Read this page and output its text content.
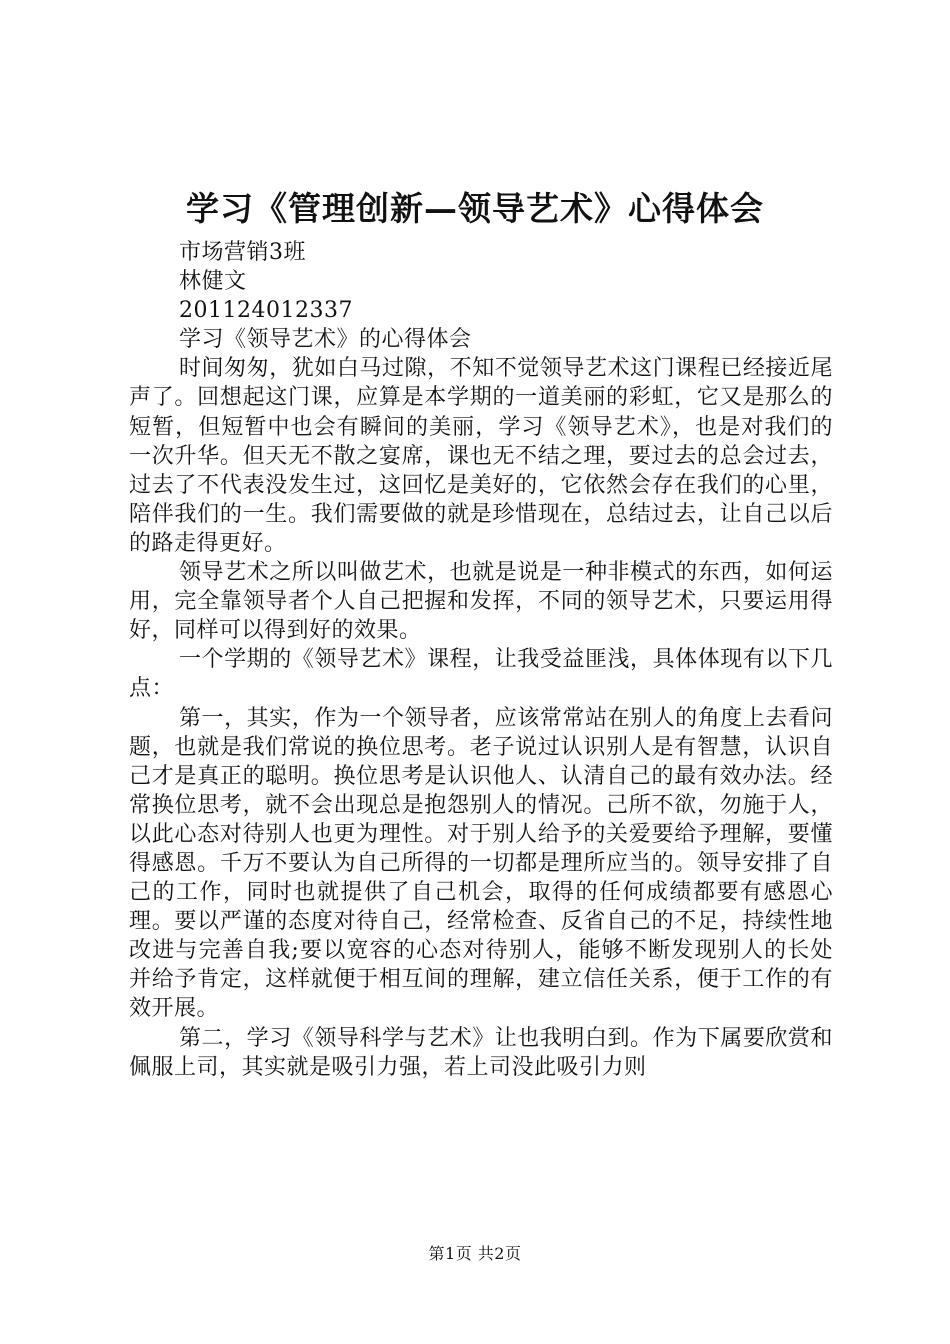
学习《管理创新—领导艺术》心得体会

市场营销3班

林健文

201124012337

学习《领导艺术》的心得体会

时间匆匆，犹如白马过隙，不知不觉领导艺术这门课程已经接近尾声了。回想起这门课，应算是本学期的一道美丽的彩虹，它又是那么的短暂，但短暂中也会有瞬间的美丽，学习《领导艺术》，也是对我们的一次升华。但天无不散之宴席，课也无不结之理，要过去的总会过去，过去了不代表没发生过，这回忆是美好的，它依然会存在我们的心里，陪伴我们的一生。我们需要做的就是珍惜现在，总结过去，让自己以后的路走得更好。

领导艺术之所以叫做艺术，也就是说是一种非模式的东西，如何运用，完全靠领导者个人自己把握和发挥，不同的领导艺术，只要运用得好，同样可以得到好的效果。

一个学期的《领导艺术》课程，让我受益匪浅，具体体现有以下几点：

第一，其实，作为一个领导者，应该常常站在别人的角度上去看问题，也就是我们常说的换位思考。老子说过认识别人是有智慧，认识自己才是真正的聪明。换位思考是认识他人、认清自己的最有效办法。经常换位思考，就不会出现总是抱怨别人的情况。己所不欲，勿施于人，以此心态对待别人也更为理性。对于别人给予的关爱要给予理解，要懂得感恩。千万不要认为自己所得的一切都是理所应当的。领导安排了自己的工作，同时也就提供了自己机会，取得的任何成绩都要有感恩心理。要以严谨的态度对待自己，经常检查、反省自己的不足，持续性地改进与完善自我;要以宽容的心态对待别人，能够不断发现别人的长处并给予肯定，这样就便于相互间的理解，建立信任关系，便于工作的有效开展。

第二，学习《领导科学与艺术》让也我明白到。作为下属要欣赏和佩服上司，其实就是吸引力强，若上司没此吸引力则

第1页 共2页
